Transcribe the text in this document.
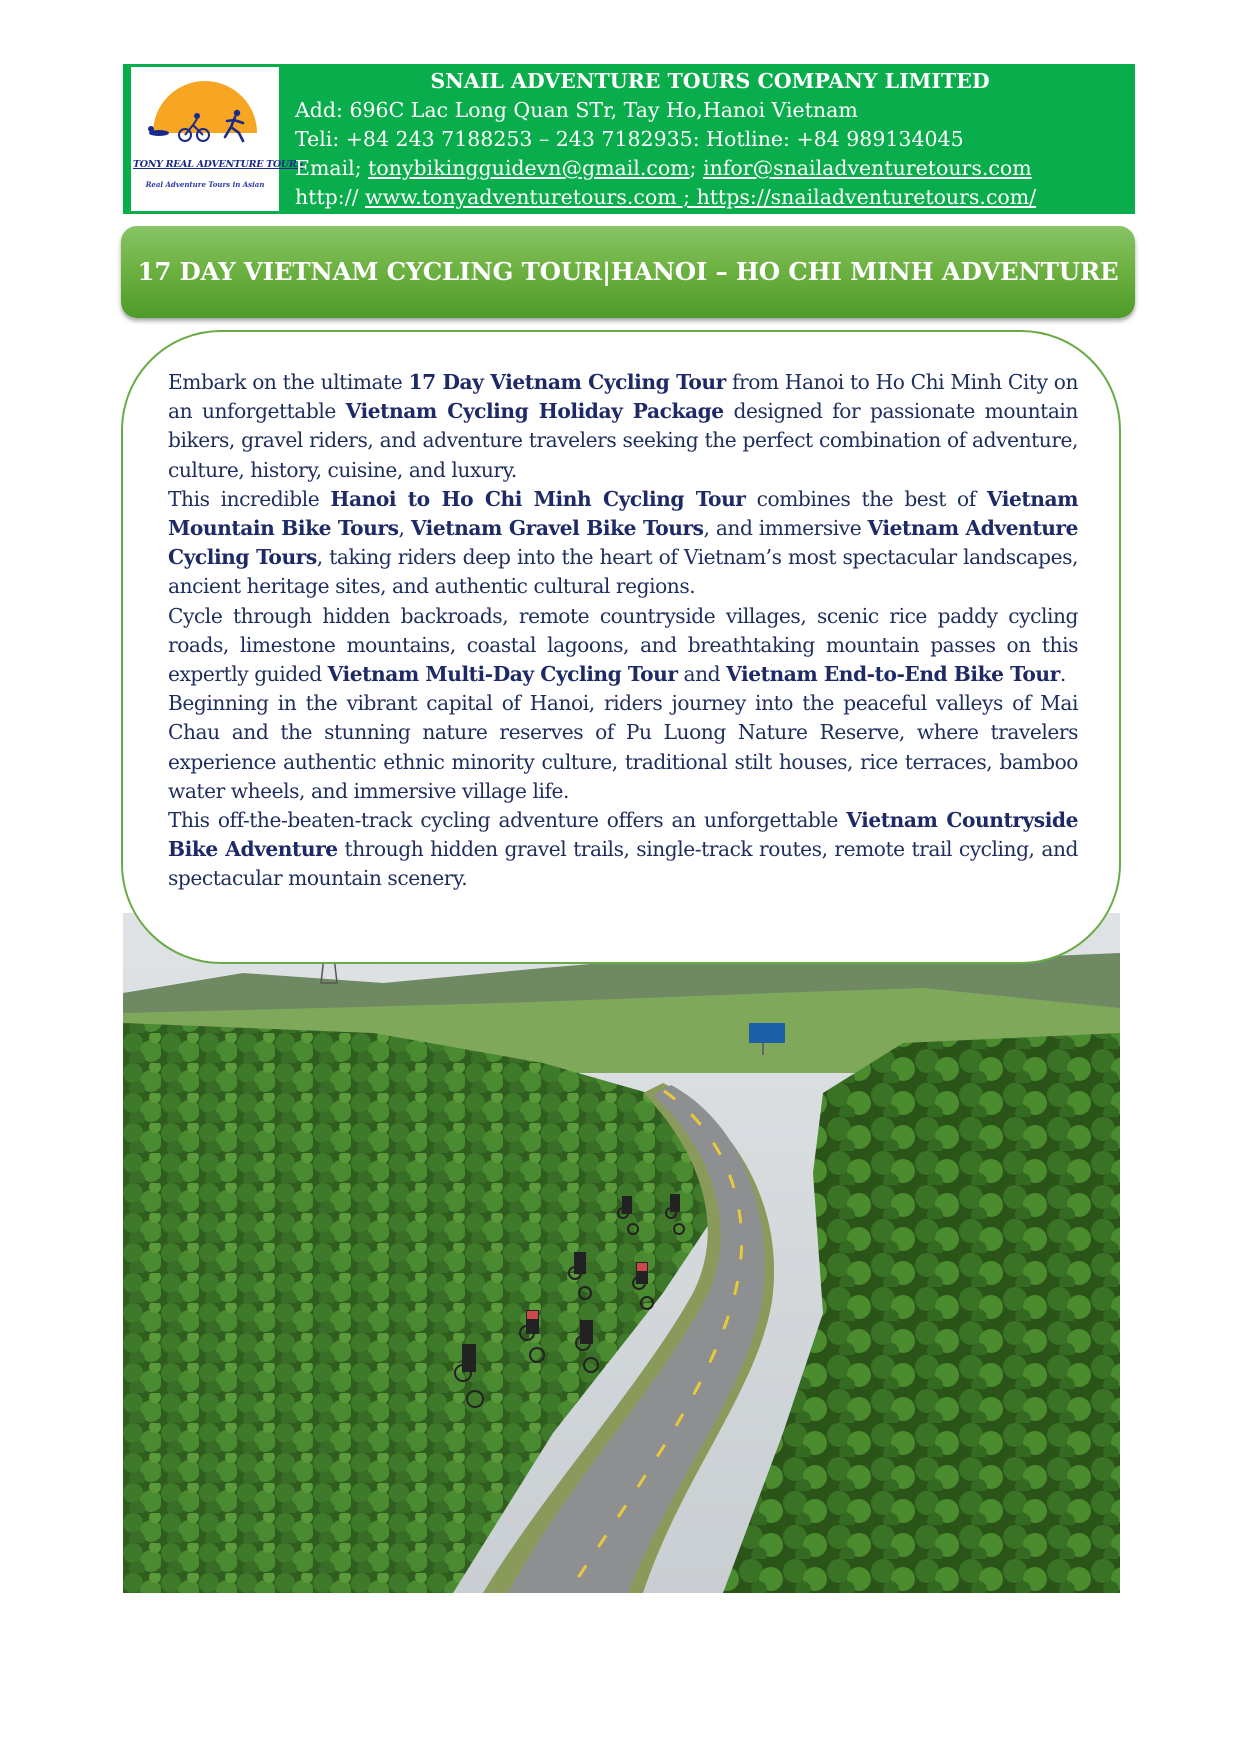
TONY REAL ADVENTURE TOURS
Real Adventure Tours in Asian
SNAIL ADVENTURE TOURS COMPANY LIMITED
Add: 696C Lac Long Quan STr, Tay Ho,Hanoi Vietnam
Teli: +84 243 7188253 – 243 7182935: Hotline: +84 989134045
Email; tonybikingguidevn@gmail.com; infor@snailadventuretours.com
http:// www.tonyadventuretours.com ; https://snailadventuretours.com/
17 DAY VIETNAM CYCLING TOUR|HANOI – HO CHI MINH ADVENTURE

Embark on the ultimate 17 Day Vietnam Cycling Tour from Hanoi to Ho Chi Minh City on an unforgettable Vietnam Cycling Holiday Package designed for passionate mountain bikers, gravel riders, and adventure travelers seeking the perfect combination of adventure, culture, history, cuisine, and luxury.

This incredible Hanoi to Ho Chi Minh Cycling Tour combines the best of Vietnam Mountain Bike Tours, Vietnam Gravel Bike Tours, and immersive Vietnam Adventure Cycling Tours, taking riders deep into the heart of Vietnam’s most spectacular landscapes, ancient heritage sites, and authentic cultural regions.

Cycle through hidden backroads, remote countryside villages, scenic rice paddy cycling roads, limestone mountains, coastal lagoons, and breathtaking mountain passes on this expertly guided Vietnam Multi-Day Cycling Tour and Vietnam End-to-End Bike Tour.

Beginning in the vibrant capital of Hanoi, riders journey into the peaceful valleys of Mai Chau and the stunning nature reserves of Pu Luong Nature Reserve, where travelers experience authentic ethnic minority culture, traditional stilt houses, rice terraces, bamboo water wheels, and immersive village life.

This off-the-beaten-track cycling adventure offers an unforgettable Vietnam Countryside Bike Adventure through hidden gravel trails, single-track routes, remote trail cycling, and spectacular mountain scenery.
